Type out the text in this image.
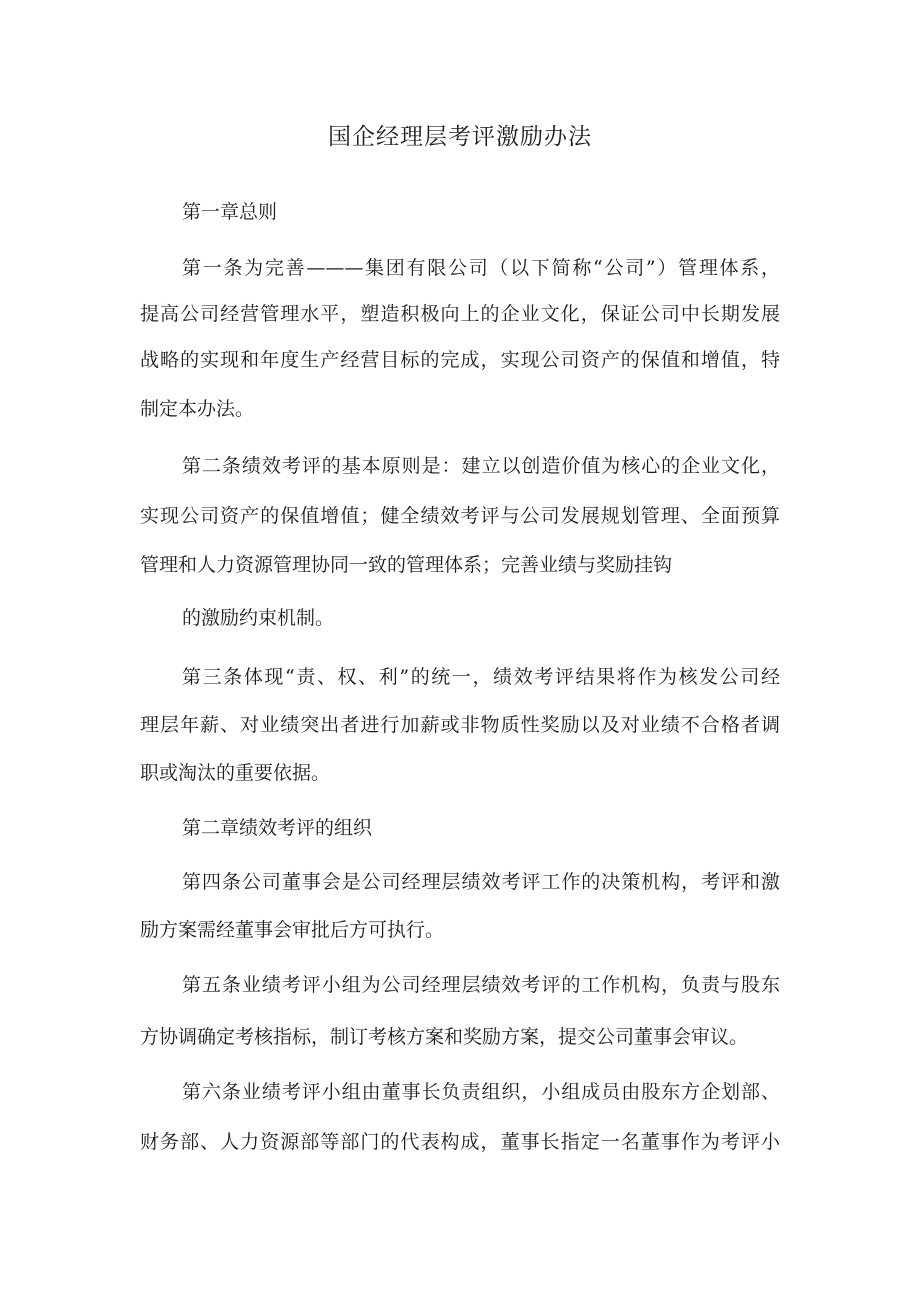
国企经理层考评激励办法
第一章总则
第一条为完善———集团有限公司（以下简称“公司”）管理体系，
提高公司经营管理水平，塑造积极向上的企业文化，保证公司中长期发展
战略的实现和年度生产经营目标的完成，实现公司资产的保值和增值，特
制定本办法。
第二条绩效考评的基本原则是：建立以创造价值为核心的企业文化，
实现公司资产的保值增值；健全绩效考评与公司发展规划管理、全面预算
管理和人力资源管理协同一致的管理体系；完善业绩与奖励挂钩
的激励约束机制。
第三条体现“责、权、利”的统一，绩效考评结果将作为核发公司经
理层年薪、对业绩突出者进行加薪或非物质性奖励以及对业绩不合格者调
职或淘汰的重要依据。
第二章绩效考评的组织
第四条公司董事会是公司经理层绩效考评工作的决策机构，考评和激
励方案需经董事会审批后方可执行。
第五条业绩考评小组为公司经理层绩效考评的工作机构，负责与股东
方协调确定考核指标，制订考核方案和奖励方案，提交公司董事会审议。
第六条业绩考评小组由董事长负责组织，小组成员由股东方企划部、
财务部、人力资源部等部门的代表构成，董事长指定一名董事作为考评小
